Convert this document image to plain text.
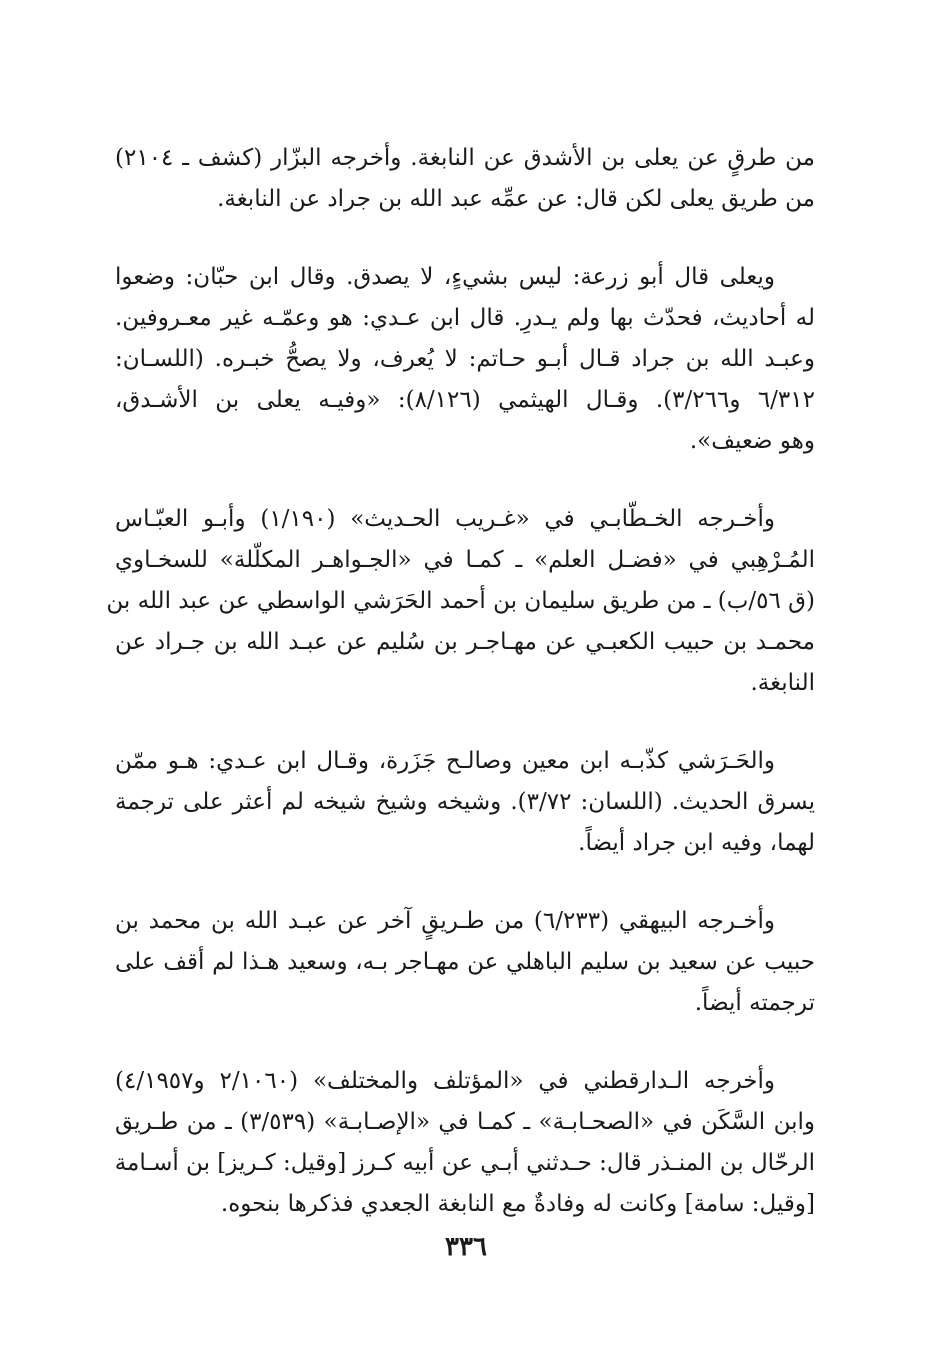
من طرقٍ عن يعلى بن الأشدق عن النابغة. وأخرجه البزّار (كشف ـ ٢١٠٤)
من طريق يعلى لكن قال: عن عمِّه عبد الله بن جراد عن النابغة.

ويعلى قال أبو زرعة: ليس بشيءٍ، لا يصدق. وقال ابن حبّان: وضعوا
له أحاديث، فحدّث بها ولم يـدرِ. قال ابن عـدي: هو وعمّـه غير معـروفين.
وعبـد الله بن جراد قـال أبـو حـاتم: لا يُعرف، ولا يصحُّ خبـره. (اللسـان:
٦/٣١٢ و٣/٢٦٦). وقـال الهيثمي (٨/١٢٦): «وفيـه يعلى بن الأشـدق،
وهو ضعيف».

وأخـرجه الخـطّابـي في «غـريب الحـديث» (١/١٩٠) وأبـو العبّـاس
المُـرْهِبي في «فضـل العلم» ـ كمـا في «الجـواهـر المكلّلة» للسخـاوي
(ق ٥٦/ب) ـ من طريق سليمان بن أحمد الحَرَشي الواسطي عن عبد الله بن
محمـد بن حبيب الكعبـي عن مهـاجـر بن سُليم عن عبـد الله بن جـراد عن
النابغة.

والحَـرَشي كذّبـه ابن معين وصالـح جَزَرة، وقـال ابن عـدي: هـو ممّن
يسرق الحديث. (اللسان: ٣/٧٢). وشيخه وشيخ شيخه لم أعثر على ترجمة
لهما، وفيه ابن جراد أيضاً.

وأخـرجه البيهقي (٦/٢٣٣) من طـريقٍ آخر عن عبـد الله بن محمد بن
حبيب عن سعيد بن سليم الباهلي عن مهـاجر بـه، وسعيد هـذا لم أقف على
ترجمته أيضاً.

وأخرجه الـدارقطني في «المؤتلف والمختلف» (٢/١٠٦٠ و٤/١٩٥٧)
وابن السَّكَن في «الصحـابـة» ـ كمـا في «الإصـابـة» (٣/٥٣٩) ـ من طـريق
الرحّال بن المنـذر قال: حـدثني أبـي عن أبيه كـرز [وقيل: كـريز] بن أسـامة
[وقيل: سامة] وكانت له وفادةٌ مع النابغة الجعدي فذكرها بنحوه.

٣٣٦
